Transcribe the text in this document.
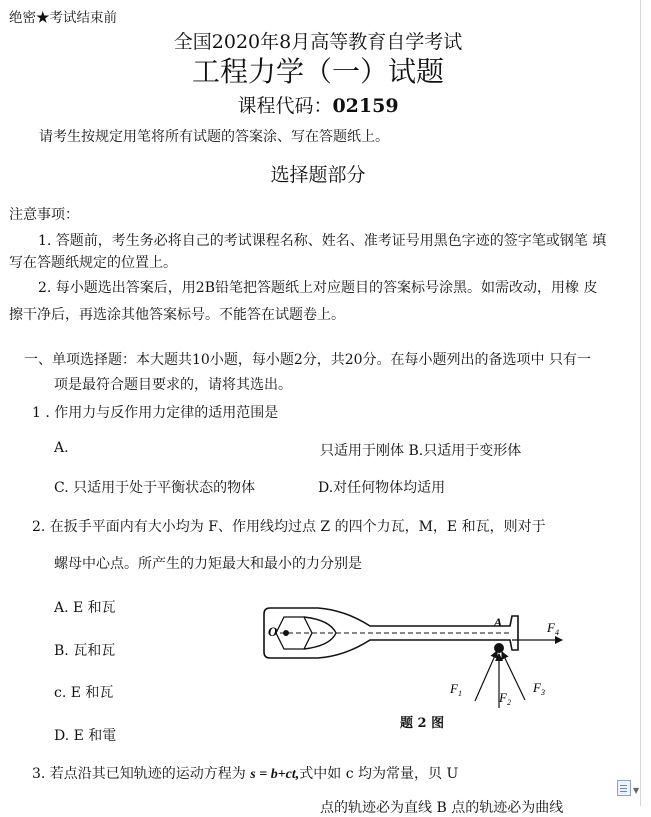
绝密★考试结束前
全国2020年8月高等教育自学考试
工程力学（一）试题
课程代码：02159
请考生按规定用笔将所有试题的答案涂、写在答题纸上。
选择题部分
注意事项：
1. 答题前，考生务必将自己的考试课程名称、姓名、准考证号用黑色字迹的签字笔或钢笔 填
写在答题纸规定的位置上。
2. 每小题选出答案后，用2B铅笔把答题纸上对应题目的答案标号涂黑。如需改动，用橡 皮
擦干净后，再选涂其他答案标号。不能答在试题卷上。
一、单项选择题：本大题共10小题，每小题2分，共20分。在每小题列出的备选项中 只有一
项是最符合题目要求的，请将其选出。
1 . 作用力与反作用力定律的适用范围是
A.	只适用于刚体 B.只适用于变形体
C. 只适用于处于平衡状态的物体	D.对任何物体均适用
2. 在扳手平面内有大小均为 F、作用线均过点 Z 的四个力瓦，M，E 和瓦，则对于
螺母中心点。所产生的力矩最大和最小的力分别是
A. E 和瓦
B. 瓦和瓦
c. E 和瓦
D. E 和電
O
A	$F_4$
$F_1$	$F_2$
$F_3$
题 2 图
3. 若点沿其已知轨迹的运动方程为 s = b+ct,式中如 c 均为常量，贝 U
点的轨迹必为直线 B 点的轨迹必为曲线
▼
